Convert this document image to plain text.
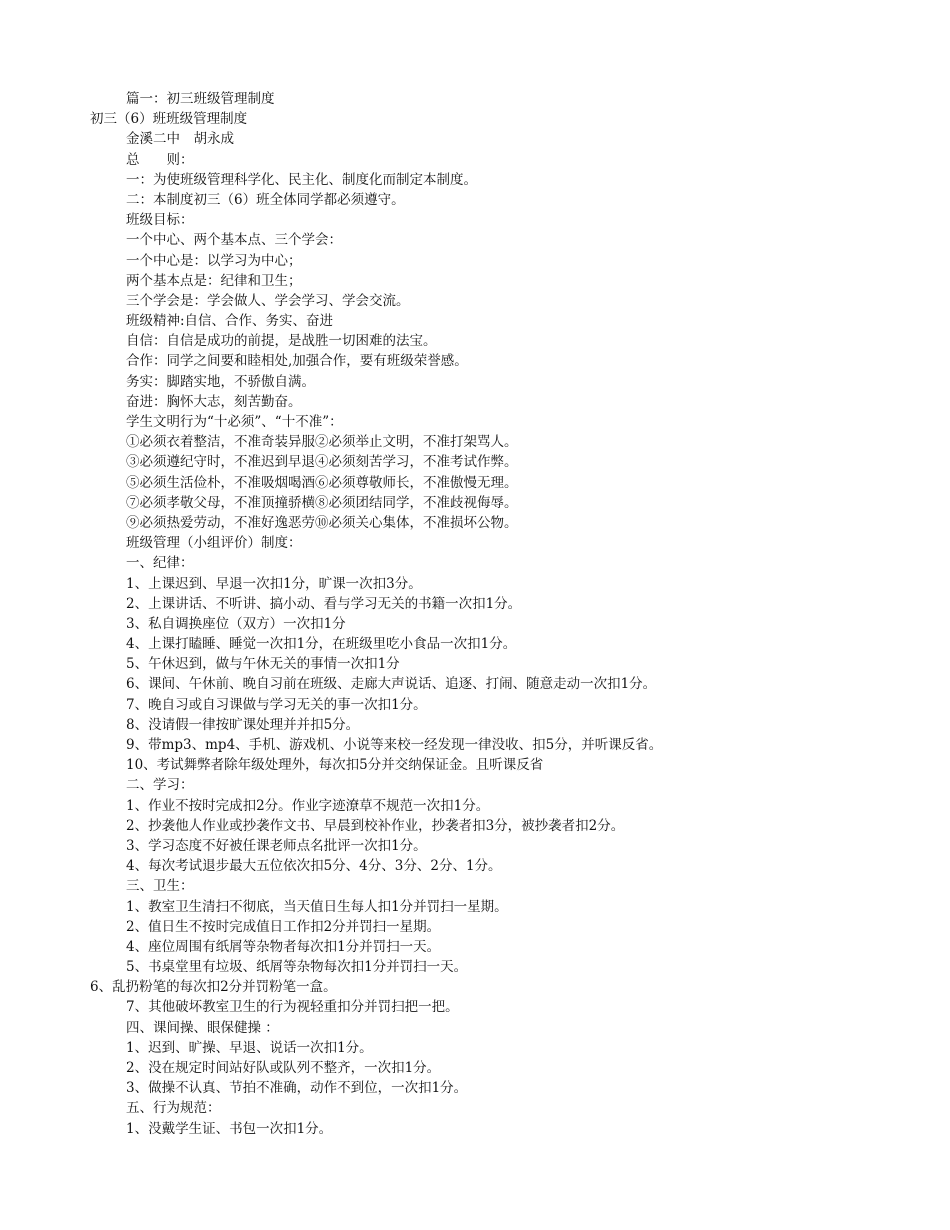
篇一：初三班级管理制度
初三（6）班班级管理制度
金溪二中　胡永成
总　　则：
一：为使班级管理科学化、民主化、制度化而制定本制度。
二：本制度初三（6）班全体同学都必须遵守。
班级目标：
一个中心、两个基本点、三个学会：
一个中心是：以学习为中心；
两个基本点是：纪律和卫生；
三个学会是：学会做人、学会学习、学会交流。
班级精神:自信、合作、务实、奋进
自信：自信是成功的前提，是战胜一切困难的法宝。
合作：同学之间要和睦相处,加强合作，要有班级荣誉感。
务实：脚踏实地，不骄傲自满。
奋进：胸怀大志，刻苦勤奋。
学生文明行为“十必须”、“十不准”：
①必须衣着整洁，不准奇装异服②必须举止文明，不准打架骂人。
③必须遵纪守时，不准迟到早退④必须刻苦学习，不准考试作弊。
⑤必须生活俭朴，不准吸烟喝酒⑥必须尊敬师长，不准傲慢无理。
⑦必须孝敬父母，不准顶撞骄横⑧必须团结同学，不准歧视侮辱。
⑨必须热爱劳动，不准好逸恶劳⑩必须关心集体，不准损坏公物。
班级管理（小组评价）制度：
一、纪律：
1、上课迟到、早退一次扣1分，旷课一次扣3分。
2、上课讲话、不听讲、搞小动、看与学习无关的书籍一次扣1分。
3、私自调换座位（双方）一次扣1分
4、上课打瞌睡、睡觉一次扣1分，在班级里吃小食品一次扣1分。
5、午休迟到，做与午休无关的事情一次扣1分
6、课间、午休前、晚自习前在班级、走廊大声说话、追逐、打闹、随意走动一次扣1分。
7、晚自习或自习课做与学习无关的事一次扣1分。
8、没请假一律按旷课处理并并扣5分。
9、带mp3、mp4、手机、游戏机、小说等来校一经发现一律没收、扣5分，并听课反省。
10、考试舞弊者除年级处理外，每次扣5分并交纳保证金。且听课反省
二、学习：
1、作业不按时完成扣2分。作业字迹潦草不规范一次扣1分。
2、抄袭他人作业或抄袭作文书、早晨到校补作业，抄袭者扣3分，被抄袭者扣2分。
3、学习态度不好被任课老师点名批评一次扣1分。
4、每次考试退步最大五位依次扣5分、4分、3分、2分、1分。
三、卫生：
1、教室卫生清扫不彻底，当天值日生每人扣1分并罚扫一星期。
2、值日生不按时完成值日工作扣2分并罚扫一星期。
4、座位周围有纸屑等杂物者每次扣1分并罚扫一天。
5、书桌堂里有垃圾、纸屑等杂物每次扣1分并罚扫一天。
6、乱扔粉笔的每次扣2分并罚粉笔一盒。
7、其他破坏教室卫生的行为视轻重扣分并罚扫把一把。
四、课间操、眼保健操 ：
1、迟到、旷操、早退、说话一次扣1分。
2、没在规定时间站好队或队列不整齐，一次扣1分。
3、做操不认真、节拍不准确，动作不到位，一次扣1分。
五、行为规范：
1、没戴学生证、书包一次扣1分。
